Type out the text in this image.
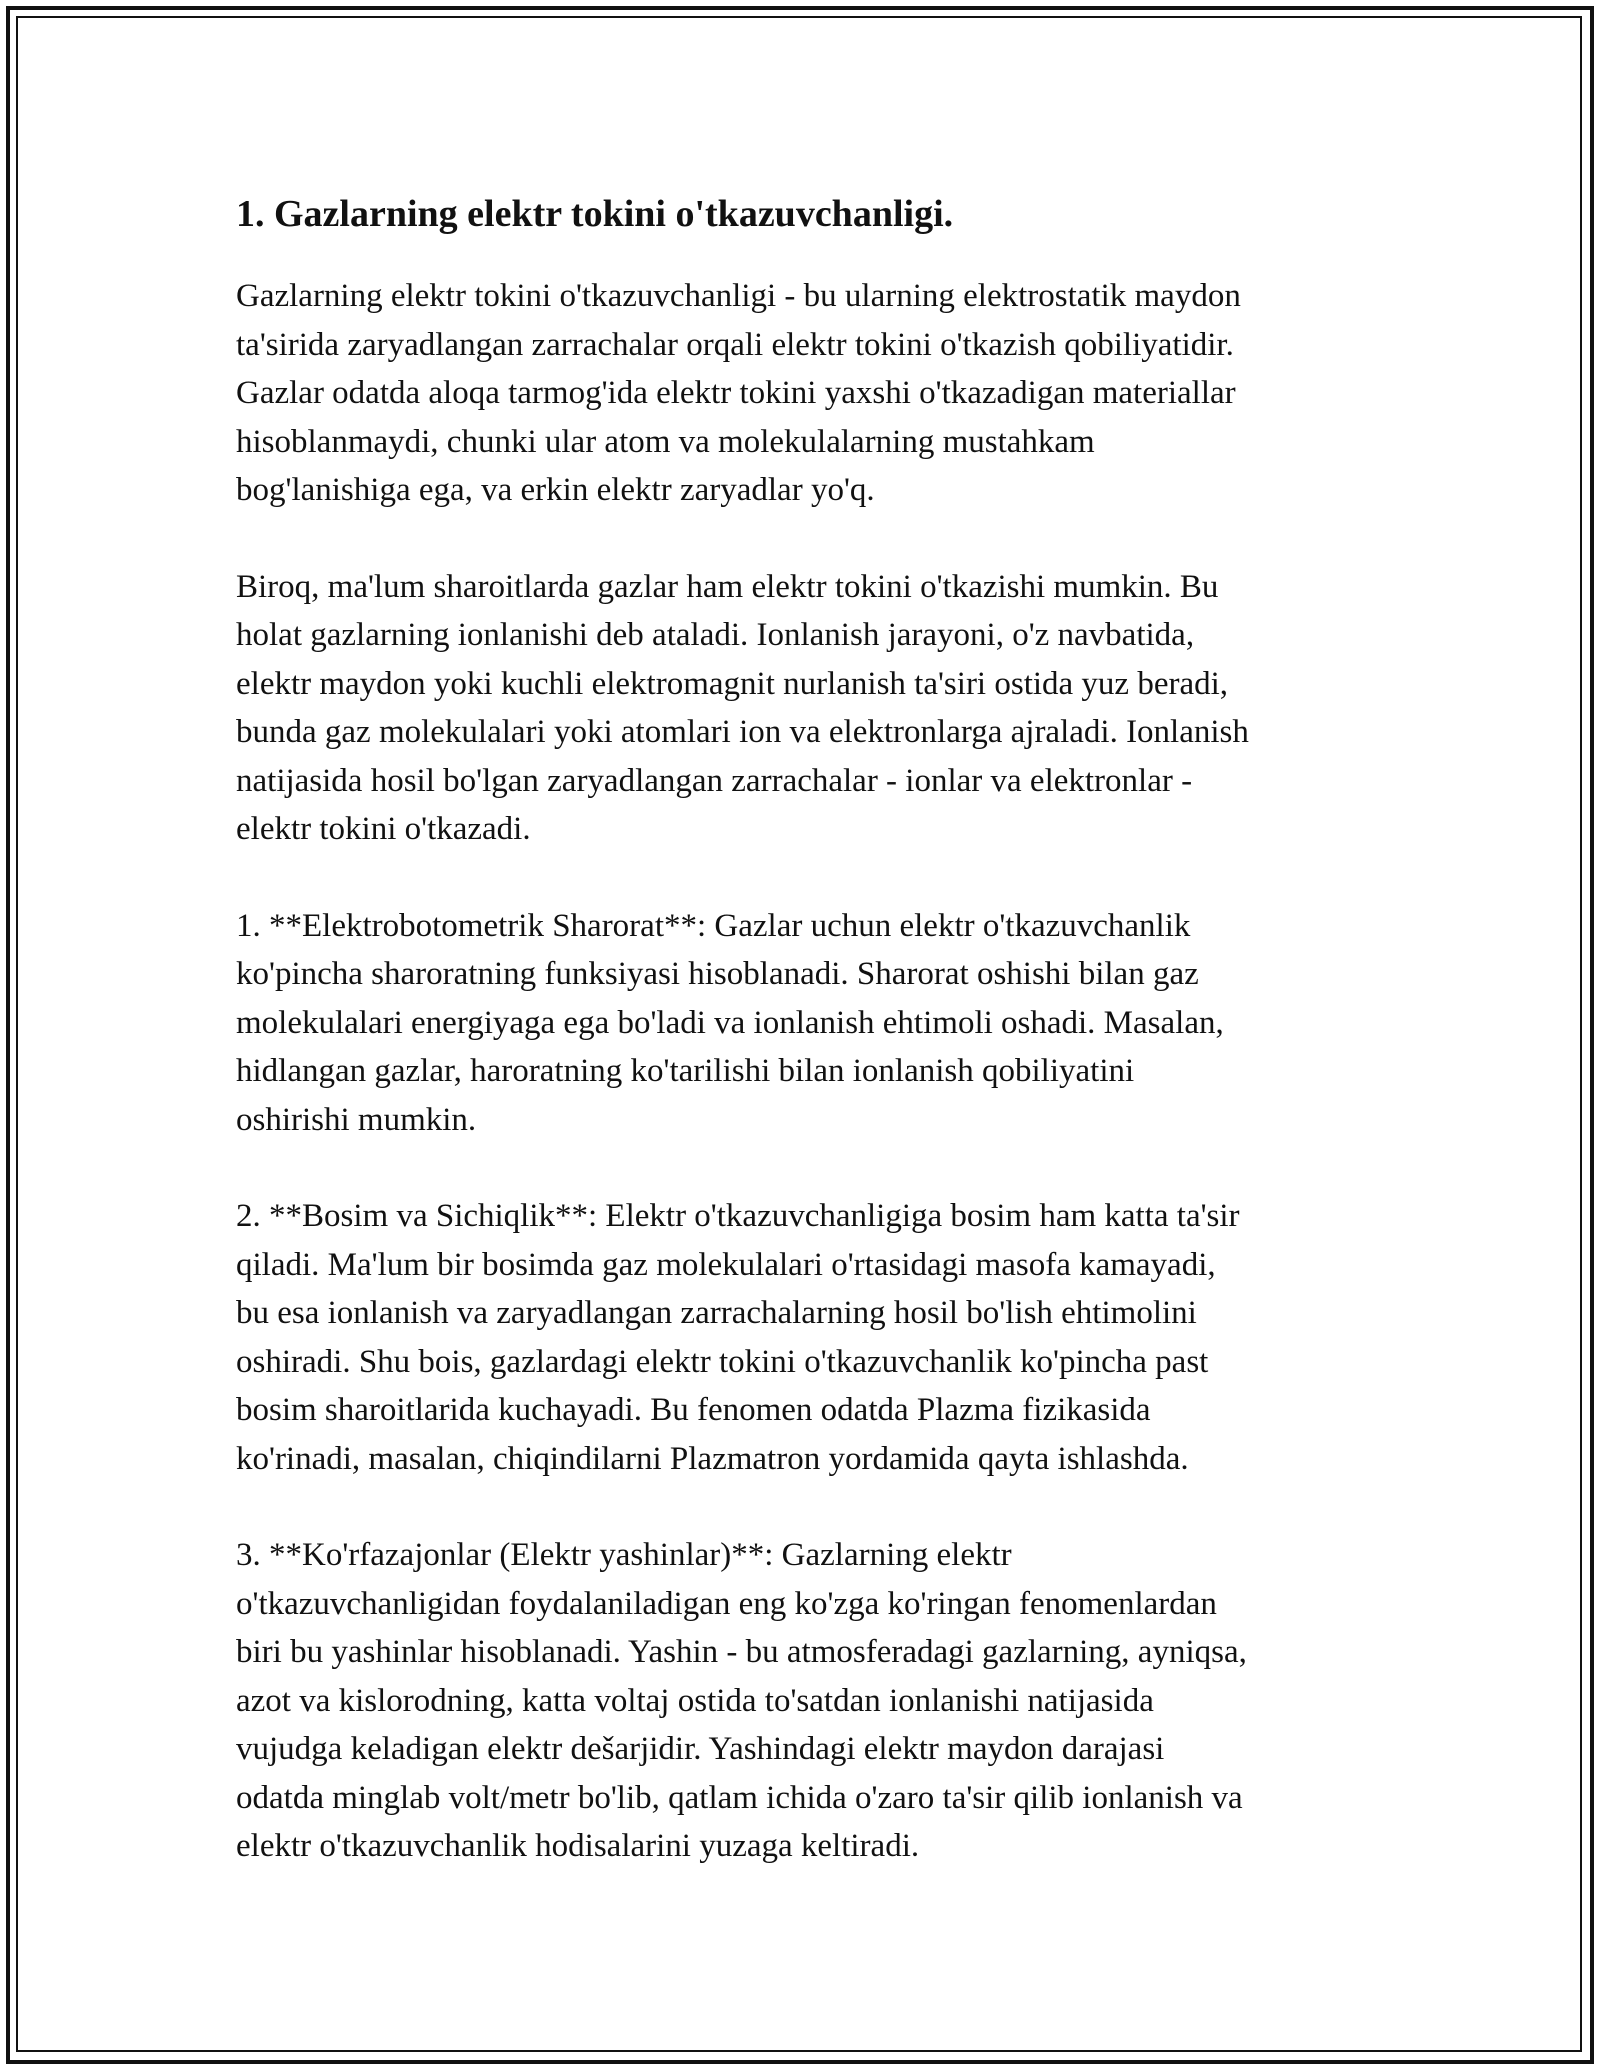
1. Gazlarning elektr tokini o'tkazuvchanligi.

Gazlarning elektr tokini o'tkazuvchanligi - bu ularning elektrostatik maydon
ta'sirida zaryadlangan zarrachalar orqali elektr tokini o'tkazish qobiliyatidir.
Gazlar odatda aloqa tarmog'ida elektr tokini yaxshi o'tkazadigan materiallar
hisoblanmaydi, chunki ular atom va molekulalarning mustahkam
bog'lanishiga ega, va erkin elektr zaryadlar yo'q.

Biroq, ma'lum sharoitlarda gazlar ham elektr tokini o'tkazishi mumkin. Bu
holat gazlarning ionlanishi deb ataladi. Ionlanish jarayoni, o'z navbatida,
elektr maydon yoki kuchli elektromagnit nurlanish ta'siri ostida yuz beradi,
bunda gaz molekulalari yoki atomlari ion va elektronlarga ajraladi. Ionlanish
natijasida hosil bo'lgan zaryadlangan zarrachalar - ionlar va elektronlar -
elektr tokini o'tkazadi.

1. **Elektrobotometrik Sharorat**: Gazlar uchun elektr o'tkazuvchanlik
ko'pincha sharoratning funksiyasi hisoblanadi. Sharorat oshishi bilan gaz
molekulalari energiyaga ega bo'ladi va ionlanish ehtimoli oshadi. Masalan,
hidlangan gazlar, haroratning ko'tarilishi bilan ionlanish qobiliyatini
oshirishi mumkin.

2. **Bosim va Sichiqlik**: Elektr o'tkazuvchanligiga bosim ham katta ta'sir
qiladi. Ma'lum bir bosimda gaz molekulalari o'rtasidagi masofa kamayadi,
bu esa ionlanish va zaryadlangan zarrachalarning hosil bo'lish ehtimolini
oshiradi. Shu bois, gazlardagi elektr tokini o'tkazuvchanlik ko'pincha past
bosim sharoitlarida kuchayadi. Bu fenomen odatda Plazma fizikasida
ko'rinadi, masalan, chiqindilarni Plazmatron yordamida qayta ishlashda.

3. **Ko'rfazajonlar (Elektr yashinlar)**: Gazlarning elektr
o'tkazuvchanligidan foydalaniladigan eng ko'zga ko'ringan fenomenlardan
biri bu yashinlar hisoblanadi. Yashin - bu atmosferadagi gazlarning, ayniqsa,
azot va kislorodning, katta voltaj ostida to'satdan ionlanishi natijasida
vujudga keladigan elektr dešarjidir. Yashindagi elektr maydon darajasi
odatda minglab volt/metr bo'lib, qatlam ichida o'zaro ta'sir qilib ionlanish va
elektr o'tkazuvchanlik hodisalarini yuzaga keltiradi.
